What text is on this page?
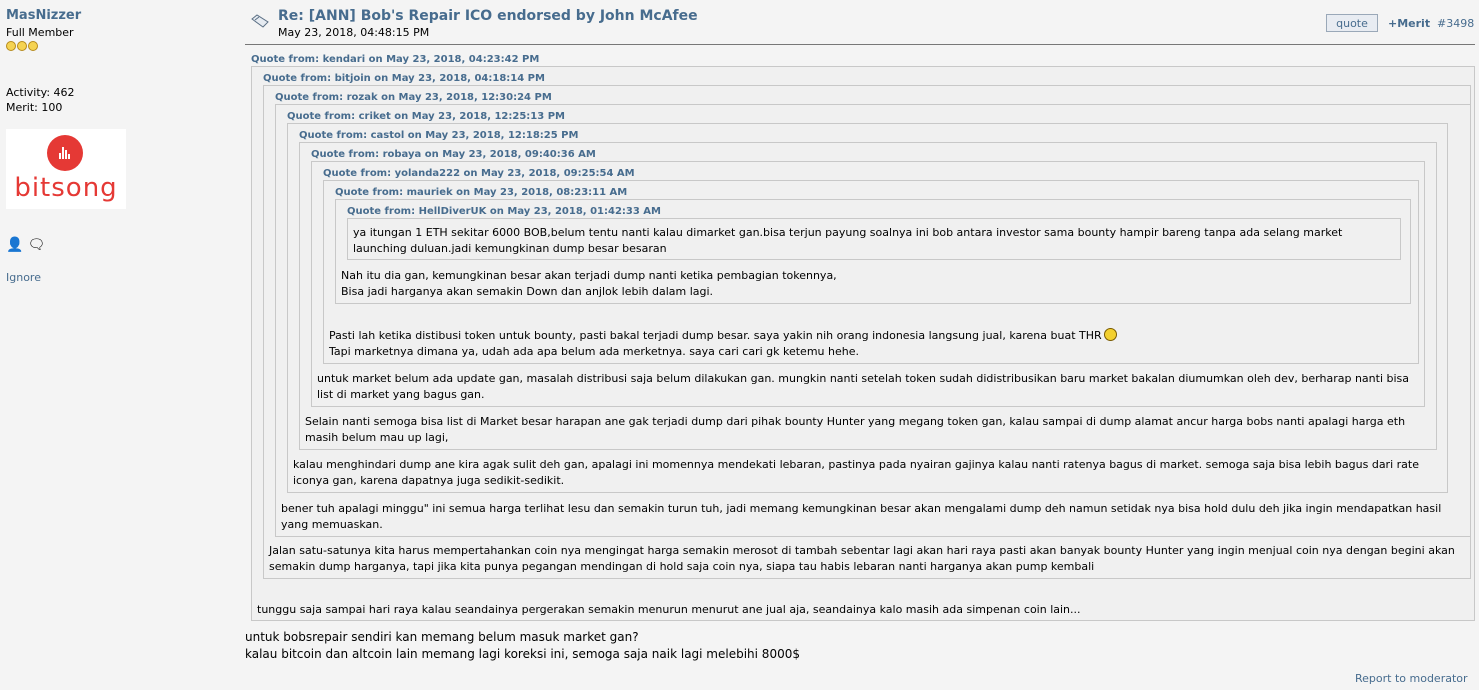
MasNizzer
Full Member
Activity: 462
Merit: 100
bitsong
👤 🗨
Ignore
Re: [ANN] Bob's Repair ICO endorsed by John McAfee
May 23, 2018, 04:48:15 PM
quote	+Merit #3498
Quote from: kendari on May 23, 2018, 04:23:42 PM
tunggu saja sampai hari raya kalau seandainya pergerakan semakin menurun menurut ane jual aja, seandainya kalo masih ada simpenan coin lain...
Quote from: bitjoin on May 23, 2018, 04:18:14 PM
Jalan satu-satunya kita harus mempertahankan coin nya mengingat harga semakin merosot di tambah sebentar lagi akan hari raya pasti akan banyak bounty Hunter yang ingin menjual coin nya dengan begini akan semakin dump harganya, tapi jika kita punya pegangan mendingan di hold saja coin nya, siapa tau habis lebaran nanti harganya akan pump kembali
Quote from: rozak on May 23, 2018, 12:30:24 PM
bener tuh apalagi minggu" ini semua harga terlihat lesu dan semakin turun tuh, jadi memang kemungkinan besar akan mengalami dump deh namun setidak nya bisa hold dulu deh jika ingin mendapatkan hasil yang memuaskan.
Quote from: criket on May 23, 2018, 12:25:13 PM
kalau menghindari dump ane kira agak sulit deh gan, apalagi ini momennya mendekati lebaran, pastinya pada nyairan gajinya kalau nanti ratenya bagus di market. semoga saja bisa lebih bagus dari rate iconya gan, karena dapatnya juga sedikit-sedikit.
Quote from: castol on May 23, 2018, 12:18:25 PM
Selain nanti semoga bisa list di Market besar harapan ane gak terjadi dump dari pihak bounty Hunter yang megang token gan, kalau sampai di dump alamat ancur harga bobs nanti apalagi harga eth masih belum mau up lagi,
Quote from: robaya on May 23, 2018, 09:40:36 AM
untuk market belum ada update gan, masalah distribusi saja belum dilakukan gan. mungkin nanti setelah token sudah didistribusikan baru market bakalan diumumkan oleh dev, berharap nanti bisa list di market yang bagus gan.
Quote from: yolanda222 on May 23, 2018, 09:25:54 AM
Pasti lah ketika distibusi token untuk bounty, pasti bakal terjadi dump besar. saya yakin nih orang indonesia langsung jual, karena buat THR
Tapi marketnya dimana ya, udah ada apa belum ada merketnya. saya cari cari gk ketemu hehe.
Quote from: mauriek on May 23, 2018, 08:23:11 AM
Nah itu dia gan, kemungkinan besar akan terjadi dump nanti ketika pembagian tokennya,
Bisa jadi harganya akan semakin Down dan anjlok lebih dalam lagi.
Quote from: HellDiverUK on May 23, 2018, 01:42:33 AM
ya itungan 1 ETH sekitar 6000 BOB,belum tentu nanti kalau dimarket gan.bisa terjun payung soalnya ini bob antara investor sama bounty hampir bareng tanpa ada selang market launching duluan.jadi kemungkinan dump besar besaran
untuk bobsrepair sendiri kan memang belum masuk market gan?
kalau bitcoin dan altcoin lain memang lagi koreksi ini, semoga saja naik lagi melebihi 8000$
Report to moderator
